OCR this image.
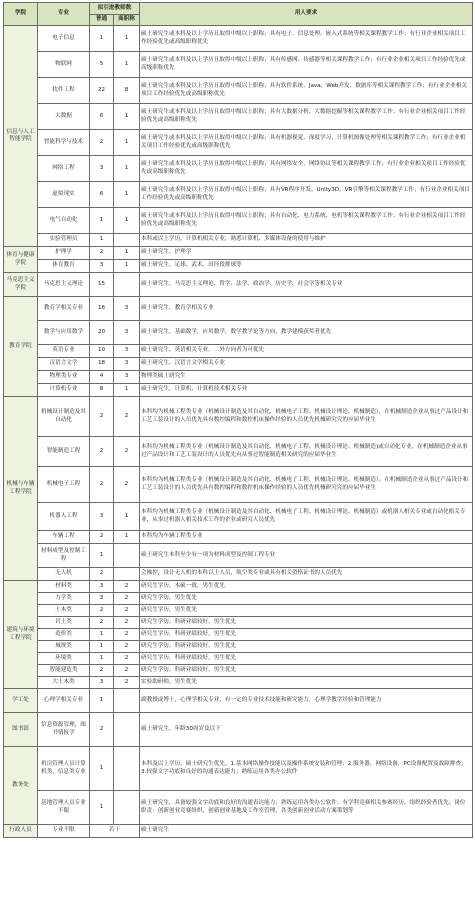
学院	专业	拟引进教师数		用人要求
		普通	高职称	
信息与人工智能学院	电子信息	1	1	硕士研究生或本科及以上学历且取得中级以上职称；具有电子、信息处理、嵌入式系统等相关课程教学工作；有行业企业相关项目工作经验优先或高级职称优先
	物联网	5	1	硕士研究生或本科及以上学历且取得中级以上职称；具有传感网、传感器等相关课程教学工作；有行业企业相关项目工作经验优先或高级职称优先
	软件工程	22	8	硕士研究生或本科及以上学历且取得中级以上职称；具有软件系统、Java、Web开发、数据库等相关课程教学工作；有行业企业相关项目工作经验优先或高级职称优先
	大数据	6	1	硕士研究生或本科及以上学历且取得中级以上职称；具有大数据分析、大数据挖掘等相关课程教学工作；有行业企业相关项目工作经验优先或高级职称优先
	智能科学与技术	2	1	硕士研究生或本科及以上学历且取得中级以上职称；具有机器视觉、深度学习、计算机图像处理等相关课程教学工作；有行业企业相关项目工作经验优先或高级职称优先
	网络工程	3	1	硕士研究生或本科及以上学历且取得中级以上职称；具有网络安全、网络协议等相关课程教学工作；有行业企业相关项目工作经验优先或高级职称优先
	虚拟现实	6	1	硕士研究生或本科及以上学历且取得中级以上职称；具有VR程序开发、Unity3D、VR引擎等相关课程教学工作；有行业企业相关项目工作经验优先或高级职称优先
	电气自动化	1	1	硕士研究生或本科及以上学历且取得中级以上职称；具有自动化、电力系统、电机等相关课程教学工作；有行业企业相关项目工作经验优先或高级职称优先
	实验管理员	1		本科或以上学历，计算机相关专业，熟悉计算机、多媒体设备的使用与维护
体育与健康学院	护理学	2	1	硕士研究生，护理学
	体育教育	3	1	硕士研究生，足球、武术、田径段排球等
马克思主义学院	马克思主义理论	15		硕士研究生，马克思主义理论、哲学、法学、政治学、历史学，社会学等相关专业
教育学院	教育学相关专业	16	3	硕士研究生，教育学相关专业
	数学与应用数学	20	3	硕士研究生，基础数学，应用数学，数学教学论等方向，教学建模获奖者优先
	英语专业	10	3	硕士研究生，英语相关专业，二外方向者为可优先
	汉语言文学	18	3	硕士研究生，汉语言文学相关专业
	物理类专业	4	3	物理类硕士研究生
	计算机专业	8	1	硕士研究生，计算机、计算机技术相关专业
机械与车辆工程学院	机械设计制造及其自动化	2	2	本科均为机械工程类专业（机械设计制造及其自动化、机械电子工程、机械设计理论、机械制造）。在机械制造企业从事过产品设计和工艺工装设计的人员优先具有数控编程和数控机床操作经验的人员优先机械研究究的应届毕业生
	智能制造工程	2	2	本科均为机械工程类专业（机械设计制造及其自动化、机械电子工程、机械设计理论、机械制造)或自动化专业，在机械制造企业从事过产品设计和工艺工装设计的人员优先有从事过智能制造相关研究的应届毕业生
	机械电子工程	2	2	本科均为机械工程类专业（机械设计制造及其自动化、机械电子工程、机械设计理论、机械制造）。在机械制造企业从事过产品设计和工艺工装设计的人员优先具有数控编程和数控机床操作经验的人员优先机械研究究的应届毕业生
	机器人工程	3	1	本科均为机械工程类专业（机械设计制造及其自动化、机械电子工程、机械设计理论、机械制造）或机器人相关专业或自动化相关专业，从事过机器人相关技术工作的企业或研究人员优先
	车辆工程	2	1	本科均为车辆工程类专业
	材料成型及控制工程	1		硕士研究生本科至少有一项为材料成型及控制工程专业
	无人机	2		会操控，设计无人机的本科以上人员，航空类专业或具有相关资格证书的人员优先
建筑与环境工程学院	材料类	3	2	研究生学历，本硕一致，男生优先
	力学类	3	2	研究生学历，男生优先
	土木类	2	2	研究生学历，男生优先
	岩土类	2	2	研究生学历，科研业绩较好，男生优先
	造价类	1	2	研究生学历，科研业绩较好，男生优先
	城规类	1	2	研究生学历，科研业绩较好，男生优先
	环境类	1	2	研究生学历，科研业绩较好，男生优先
	智能建造类	2	2	研究生学历，科研业绩较好，男生优先
	大土木类	3	2	实验助研师，男生优先
学工处	心理学相关专业	1		副教授或博士，心理学相关专业，有一定的专业技术技能和研究能力，心理学教学经验和管理能力
图书馆	信息资源管理，图书情报学	2		硕士研究生，年龄30周岁及以下
教务处	机房管理人员计算机类、信息类专业	1		本科及以上学历，硕士研究生优先。1.基本网络操作技能以及操作系统安装和管理；2.服务器，网络设备，PC设备配置及故障排查；3.较强文字功底和良好的沟通表达能力；熟练运用各类办公软件
	基地管理人员专业不限	1		硕士研究生，具备较强文字功底和良好的沟通表达能力；熟练运用各类办公软件；有学科竞赛相关参赛经历，组织经验者优先；岗位职责：创新创业竞赛组织，创新创业基地及工作室管理，各类创新创业活动方案策划等
行政人员	专业不限	若干		硕士研究生
